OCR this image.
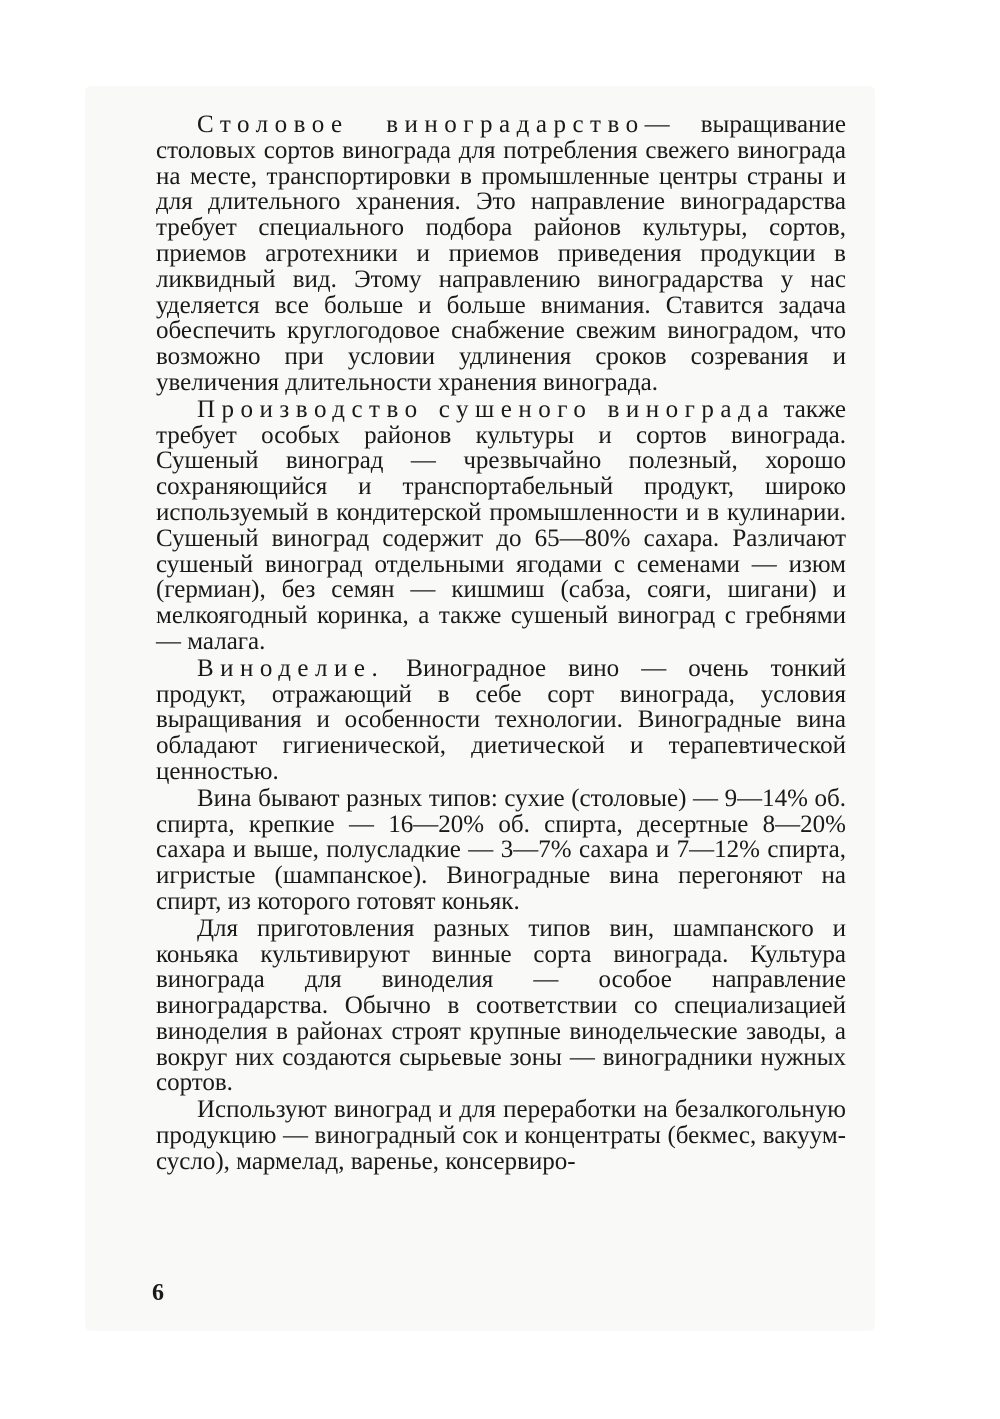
Столовое виноградарство— выращивание столовых сортов винограда для потребления свежего винограда на месте, транспортировки в промышленные центры страны и для длительного хранения. Это направление виноградарства требует специального подбора районов культуры, сортов, приемов агротехники и приемов приведения продукции в ликвидный вид. Этому направлению виноградарства у нас уделяется все больше и больше внимания. Ставится задача обеспечить круглогодовое снабжение свежим виноградом, что возможно при условии удлинения сроков созревания и увеличения длительности хранения винограда.

Производство сушеного винограда также требует особых районов культуры и сортов винограда. Сушеный виноград — чрезвычайно полезный, хорошо сохраняющийся и транспортабельный продукт, широко используемый в кондитерской промышленности и в кулинарии. Сушеный виноград содержит до 65—80% сахара. Различают сушеный виноград отдельными ягодами с семенами — изюм (гермиан), без семян — кишмиш (сабза, сояги, шигани) и мелкоягодный коринка, а также сушеный виноград с гребнями — малага.

Виноделие. Виноградное вино — очень тонкий продукт, отражающий в себе сорт винограда, условия выращивания и особенности технологии. Виноградные вина обладают гигиенической, диетической и терапевтической ценностью.

Вина бывают разных типов: сухие (столовые) — 9—14% об. спирта, крепкие — 16—20% об. спирта, десертные 8—20% сахара и выше, полусладкие — 3—7% сахара и 7—12% спирта, игристые (шампанское). Виноградные вина перегоняют на спирт, из которого готовят коньяк.

Для приготовления разных типов вин, шампанского и коньяка культивируют винные сорта винограда. Культура винограда для виноделия — особое направление виноградарства. Обычно в соответствии со специализацией виноделия в районах строят крупные винодельческие заводы, а вокруг них создаются сырьевые зоны — виноградники нужных сортов.

Используют виноград и для переработки на безалкогольную продукцию — виноградный сок и концентраты (бекмес, вакуум-сусло), мармелад, варенье, консервиро-

6
